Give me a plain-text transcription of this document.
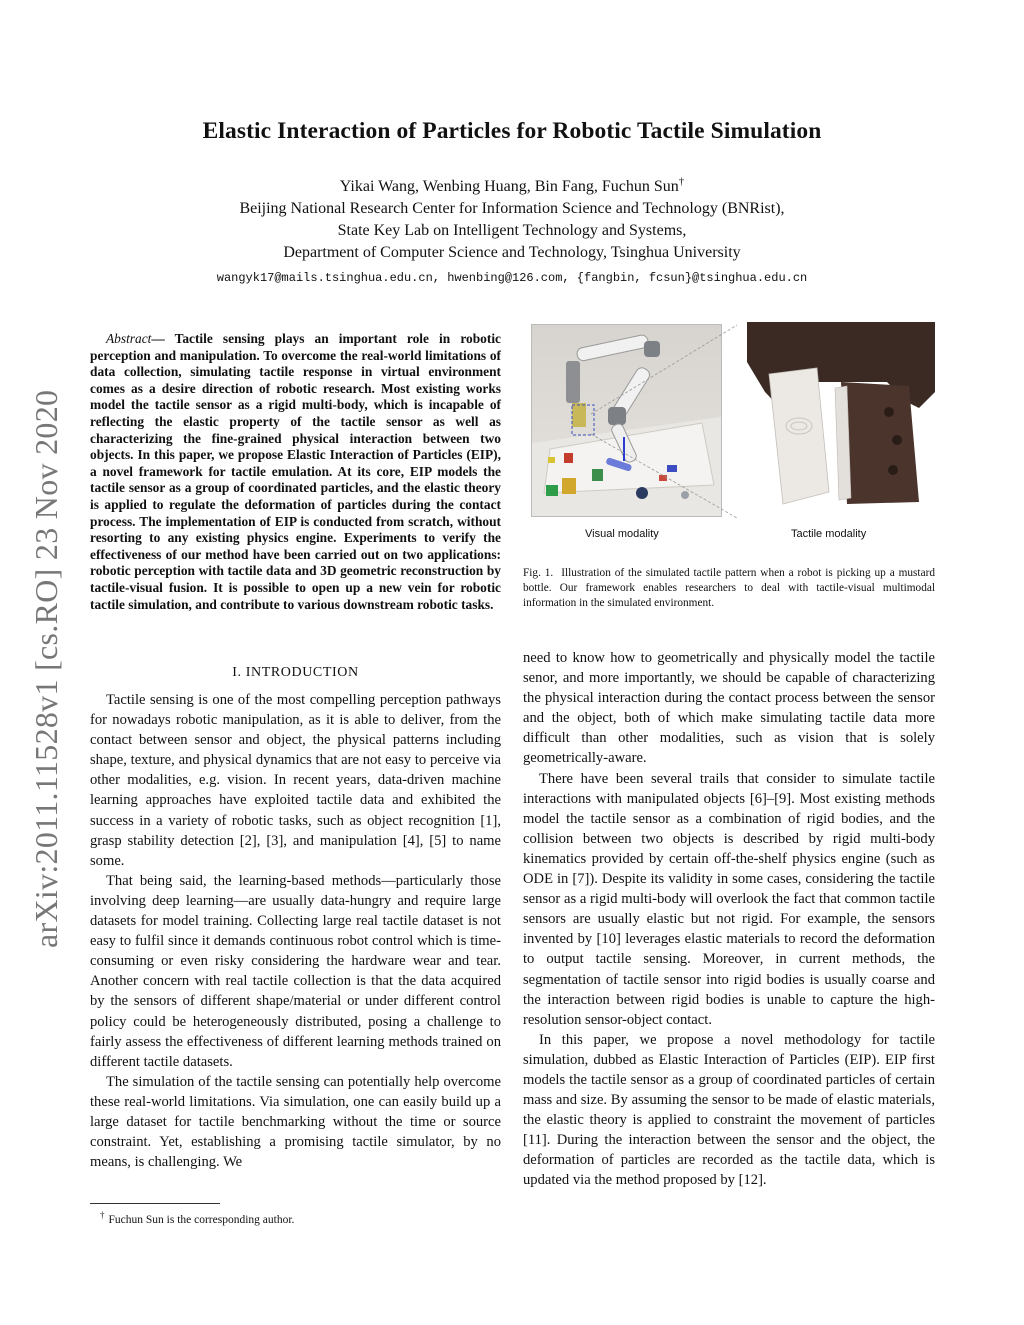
Elastic Interaction of Particles for Robotic Tactile Simulation
Yikai Wang, Wenbing Huang, Bin Fang, Fuchun Sun†
Beijing National Research Center for Information Science and Technology (BNRist),
State Key Lab on Intelligent Technology and Systems,
Department of Computer Science and Technology, Tsinghua University
wangyk17@mails.tsinghua.edu.cn, hwenbing@126.com, {fangbin, fcsun}@tsinghua.edu.cn
arXiv:2011.11528v1 [cs.RO] 23 Nov 2020
Abstract— Tactile sensing plays an important role in robotic perception and manipulation. To overcome the real-world limitations of data collection, simulating tactile response in virtual environment comes as a desire direction of robotic research. Most existing works model the tactile sensor as a rigid multi-body, which is incapable of reflecting the elastic property of the tactile sensor as well as characterizing the fine-grained physical interaction between two objects. In this paper, we propose Elastic Interaction of Particles (EIP), a novel framework for tactile emulation. At its core, EIP models the tactile sensor as a group of coordinated particles, and the elastic theory is applied to regulate the deformation of particles during the contact process. The implementation of EIP is conducted from scratch, without resorting to any existing physics engine. Experiments to verify the effectiveness of our method have been carried out on two applications: robotic perception with tactile data and 3D geometric reconstruction by tactile-visual fusion. It is possible to open up a new vein for robotic tactile simulation, and contribute to various downstream robotic tasks.
I. INTRODUCTION

Tactile sensing is one of the most compelling perception pathways for nowadays robotic manipulation, as it is able to deliver, from the contact between sensor and object, the physical patterns including shape, texture, and physical dynamics that are not easy to perceive via other modalities, e.g. vision. In recent years, data-driven machine learning approaches have exploited tactile data and exhibited the success in a variety of robotic tasks, such as object recognition [1], grasp stability detection [2], [3], and manipulation [4], [5] to name some.

That being said, the learning-based methods—particularly those involving deep learning—are usually data-hungry and require large datasets for model training. Collecting large real tactile dataset is not easy to fulfil since it demands continuous robot control which is time-consuming or even risky considering the hardware wear and tear. Another concern with real tactile collection is that the data acquired by the sensors of different shape/material or under different control policy could be heterogeneously distributed, posing a challenge to fairly assess the effectiveness of different learning methods trained on different tactile datasets.

The simulation of the tactile sensing can potentially help overcome these real-world limitations. Via simulation, one can easily build up a large dataset for tactile benchmarking without the time or source constraint. Yet, establishing a promising tactile simulator, by no means, is challenging. We

† Fuchun Sun is the corresponding author.
Visual modality	Tactile modality
Fig. 1. Illustration of the simulated tactile pattern when a robot is picking up a mustard bottle. Our framework enables researchers to deal with tactile-visual multimodal information in the simulated environment.

need to know how to geometrically and physically model the tactile senor, and more importantly, we should be capable of characterizing the physical interaction during the contact process between the sensor and the object, both of which make simulating tactile data more difficult than other modalities, such as vision that is solely geometrically-aware.

There have been several trails that consider to simulate tactile interactions with manipulated objects [6]–[9]. Most existing methods model the tactile sensor as a combination of rigid bodies, and the collision between two objects is described by rigid multi-body kinematics provided by certain off-the-shelf physics engine (such as ODE in [7]). Despite its validity in some cases, considering the tactile sensor as a rigid multi-body will overlook the fact that common tactile sensors are usually elastic but not rigid. For example, the sensors invented by [10] leverages elastic materials to record the deformation to output tactile sensing. Moreover, in current methods, the segmentation of tactile sensor into rigid bodies is usually coarse and the interaction between rigid bodies is unable to capture the high-resolution sensor-object contact.

In this paper, we propose a novel methodology for tactile simulation, dubbed as Elastic Interaction of Particles (EIP). EIP first models the tactile sensor as a group of coordinated particles of certain mass and size. By assuming the sensor to be made of elastic materials, the elastic theory is applied to constraint the movement of particles [11]. During the interaction between the sensor and the object, the deformation of particles are recorded as the tactile data, which is updated via the method proposed by [12].
